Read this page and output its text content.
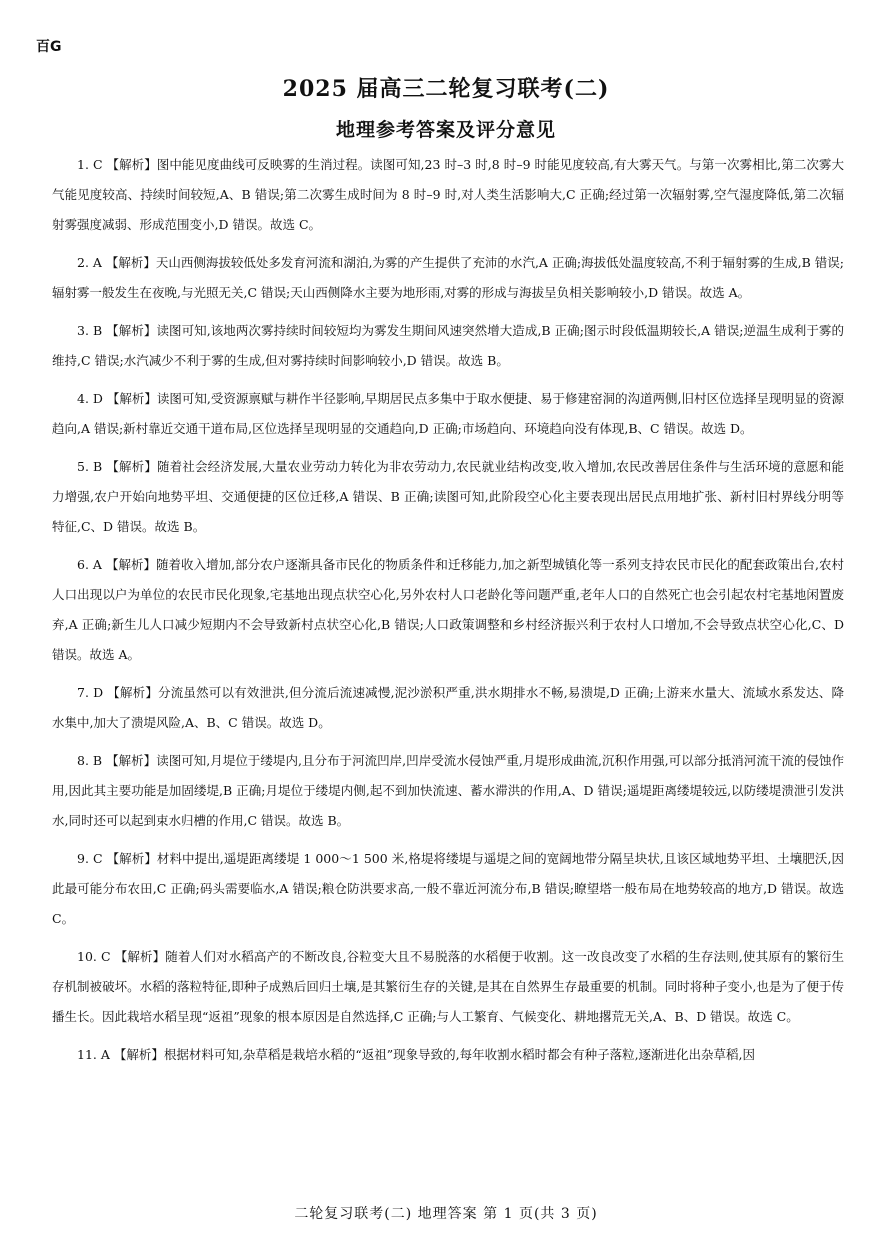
百G
2025 届高三二轮复习联考(二)
地理参考答案及评分意见

1. C 【解析】图中能见度曲线可反映雾的生消过程。读图可知,23 时–3 时,8 时–9 时能见度较高,有大雾天气。与第一次雾相比,第二次雾大气能见度较高、持续时间较短,A、B 错误;第二次雾生成时间为 8 时–9 时,对人类生活影响大,C 正确;经过第一次辐射雾,空气湿度降低,第二次辐射雾强度减弱、形成范围变小,D 错误。故选 C。

2. A 【解析】天山西侧海拔较低处多发育河流和湖泊,为雾的产生提供了充沛的水汽,A 正确;海拔低处温度较高,不利于辐射雾的生成,B 错误;辐射雾一般发生在夜晚,与光照无关,C 错误;天山西侧降水主要为地形雨,对雾的形成与海拔呈负相关影响较小,D 错误。故选 A。

3. B 【解析】读图可知,该地两次雾持续时间较短均为雾发生期间风速突然增大造成,B 正确;图示时段低温期较长,A 错误;逆温生成利于雾的维持,C 错误;水汽减少不利于雾的生成,但对雾持续时间影响较小,D 错误。故选 B。

4. D 【解析】读图可知,受资源禀赋与耕作半径影响,早期居民点多集中于取水便捷、易于修建窑洞的沟道两侧,旧村区位选择呈现明显的资源趋向,A 错误;新村靠近交通干道布局,区位选择呈现明显的交通趋向,D 正确;市场趋向、环境趋向没有体现,B、C 错误。故选 D。

5. B 【解析】随着社会经济发展,大量农业劳动力转化为非农劳动力,农民就业结构改变,收入增加,农民改善居住条件与生活环境的意愿和能力增强,农户开始向地势平坦、交通便捷的区位迁移,A 错误、B 正确;读图可知,此阶段空心化主要表现出居民点用地扩张、新村旧村界线分明等特征,C、D 错误。故选 B。

6. A 【解析】随着收入增加,部分农户逐渐具备市民化的物质条件和迁移能力,加之新型城镇化等一系列支持农民市民化的配套政策出台,农村人口出现以户为单位的农民市民化现象,宅基地出现点状空心化,另外农村人口老龄化等问题严重,老年人口的自然死亡也会引起农村宅基地闲置废弃,A 正确;新生儿人口减少短期内不会导致新村点状空心化,B 错误;人口政策调整和乡村经济振兴利于农村人口增加,不会导致点状空心化,C、D 错误。故选 A。

7. D 【解析】分流虽然可以有效泄洪,但分流后流速减慢,泥沙淤积严重,洪水期排水不畅,易溃堤,D 正确;上游来水量大、流域水系发达、降水集中,加大了溃堤风险,A、B、C 错误。故选 D。

8. B 【解析】读图可知,月堤位于缕堤内,且分布于河流凹岸,凹岸受流水侵蚀严重,月堤形成曲流,沉积作用强,可以部分抵消河流干流的侵蚀作用,因此其主要功能是加固缕堤,B 正确;月堤位于缕堤内侧,起不到加快流速、蓄水滞洪的作用,A、D 错误;遥堤距离缕堤较远,以防缕堤溃泄引发洪水,同时还可以起到束水归槽的作用,C 错误。故选 B。

9. C 【解析】材料中提出,遥堤距离缕堤 1 000～1 500 米,格堤将缕堤与遥堤之间的宽阔地带分隔呈块状,且该区域地势平坦、土壤肥沃,因此最可能分布农田,C 正确;码头需要临水,A 错误;粮仓防洪要求高,一般不靠近河流分布,B 错误;瞭望塔一般布局在地势较高的地方,D 错误。故选 C。

10. C 【解析】随着人们对水稻高产的不断改良,谷粒变大且不易脱落的水稻便于收割。这一改良改变了水稻的生存法则,使其原有的繁衍生存机制被破坏。水稻的落粒特征,即种子成熟后回归土壤,是其繁衍生存的关键,是其在自然界生存最重要的机制。同时将种子变小,也是为了便于传播生长。因此栽培水稻呈现“返祖”现象的根本原因是自然选择,C 正确;与人工繁育、气候变化、耕地撂荒无关,A、B、D 错误。故选 C。

11. A 【解析】根据材料可知,杂草稻是栽培水稻的“返祖”现象导致的,每年收割水稻时都会有种子落粒,逐渐进化出杂草稻,因

二轮复习联考(二) 地理答案 第 1 页(共 3 页)
